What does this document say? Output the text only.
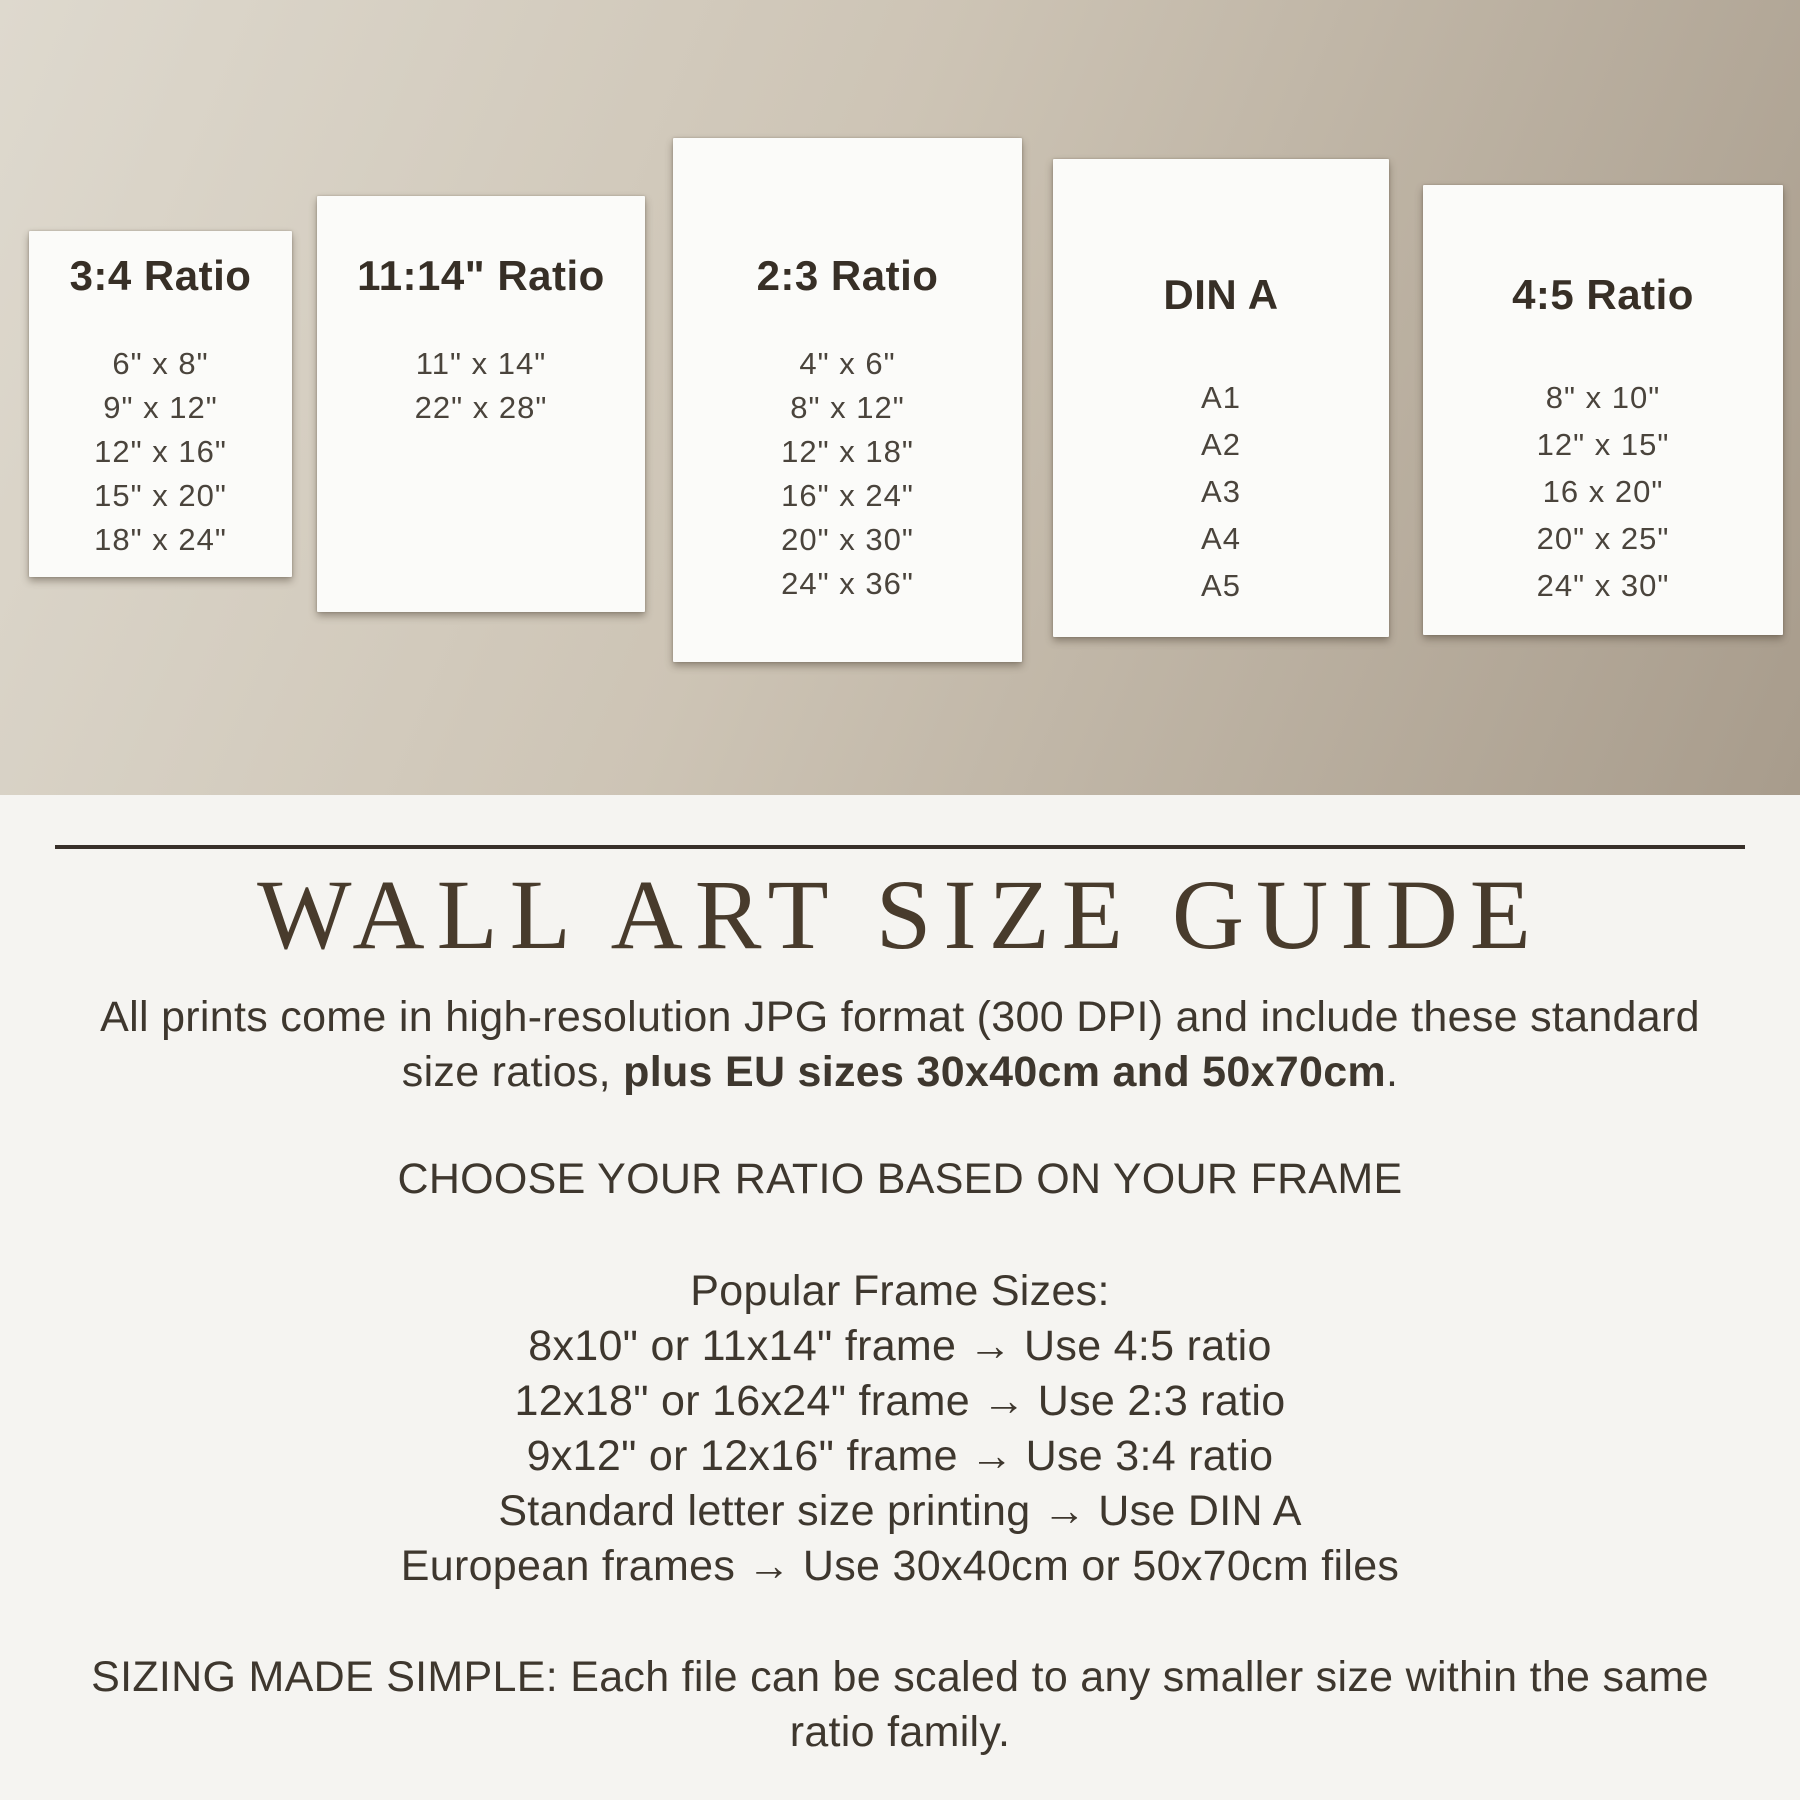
3:4 Ratio
6" x 8"
9" x 12"
12" x 16"
15" x 20"
18" x 24"
11:14" Ratio
11" x 14"
22" x 28"
2:3 Ratio
4" x 6"
8" x 12"
12" x 18"
16" x 24"
20" x 30"
24" x 36"
DIN A
A1
A2
A3
A4
A5
4:5 Ratio
8" x 10"
12" x 15"
16 x 20"
20" x 25"
24" x 30"
WALL ART SIZE GUIDE

All prints come in high-resolution JPG format (300 DPI) and include these standard

size ratios, plus EU sizes 30x40cm and 50x70cm.

CHOOSE YOUR RATIO BASED ON YOUR FRAME

Popular Frame Sizes:

8x10" or 11x14" frame → Use 4:5 ratio

12x18" or 16x24" frame → Use 2:3 ratio

9x12" or 12x16" frame → Use 3:4 ratio

Standard letter size printing → Use DIN A

European frames → Use 30x40cm or 50x70cm files

SIZING MADE SIMPLE: Each file can be scaled to any smaller size within the same

ratio family.
